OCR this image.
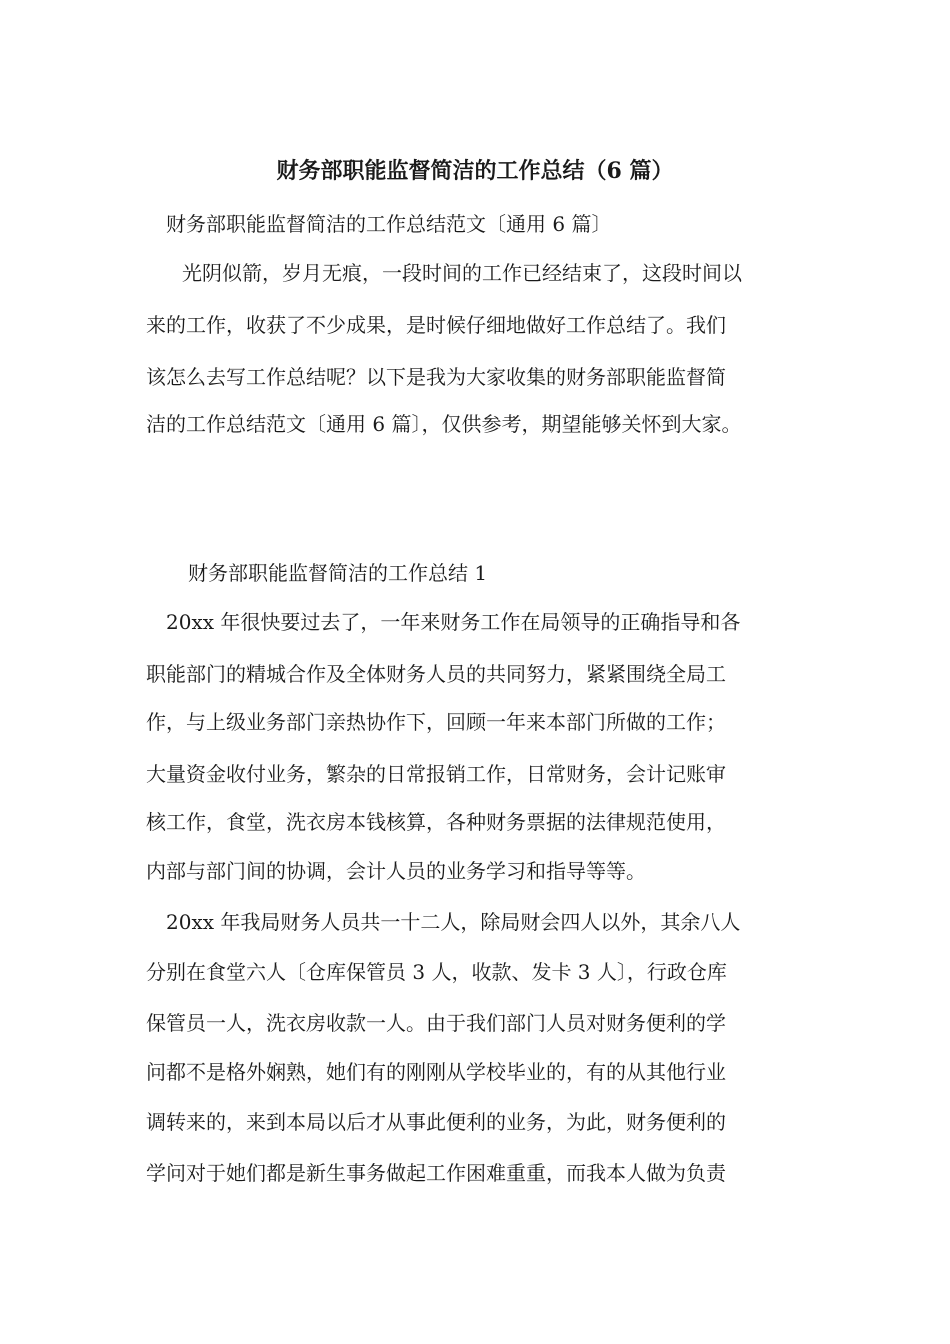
财务部职能监督简洁的工作总结（6 篇）
财务部职能监督简洁的工作总结范文〔通用 6 篇〕
光阴似箭，岁月无痕，一段时间的工作已经结束了，这段时间以
来的工作，收获了不少成果，是时候仔细地做好工作总结了。我们
该怎么去写工作总结呢？以下是我为大家收集的财务部职能监督简
洁的工作总结范文〔通用 6 篇〕，仅供参考，期望能够关怀到大家。
财务部职能监督简洁的工作总结 1
20xx 年很快要过去了，一年来财务工作在局领导的正确指导和各
职能部门的精城合作及全体财务人员的共同努力，紧紧围绕全局工
作，与上级业务部门亲热协作下，回顾一年来本部门所做的工作；
大量资金收付业务，繁杂的日常报销工作，日常财务，会计记账审
核工作，食堂，洗衣房本钱核算，各种财务票据的法律规范使用，
内部与部门间的协调，会计人员的业务学习和指导等等。
20xx 年我局财务人员共一十二人，除局财会四人以外，其余八人
分别在食堂六人〔仓库保管员 3 人，收款、发卡 3 人〕，行政仓库
保管员一人，洗衣房收款一人。由于我们部门人员对财务便利的学
问都不是格外娴熟，她们有的刚刚从学校毕业的，有的从其他行业
调转来的，来到本局以后才从事此便利的业务，为此，财务便利的
学问对于她们都是新生事务做起工作困难重重，而我本人做为负责
